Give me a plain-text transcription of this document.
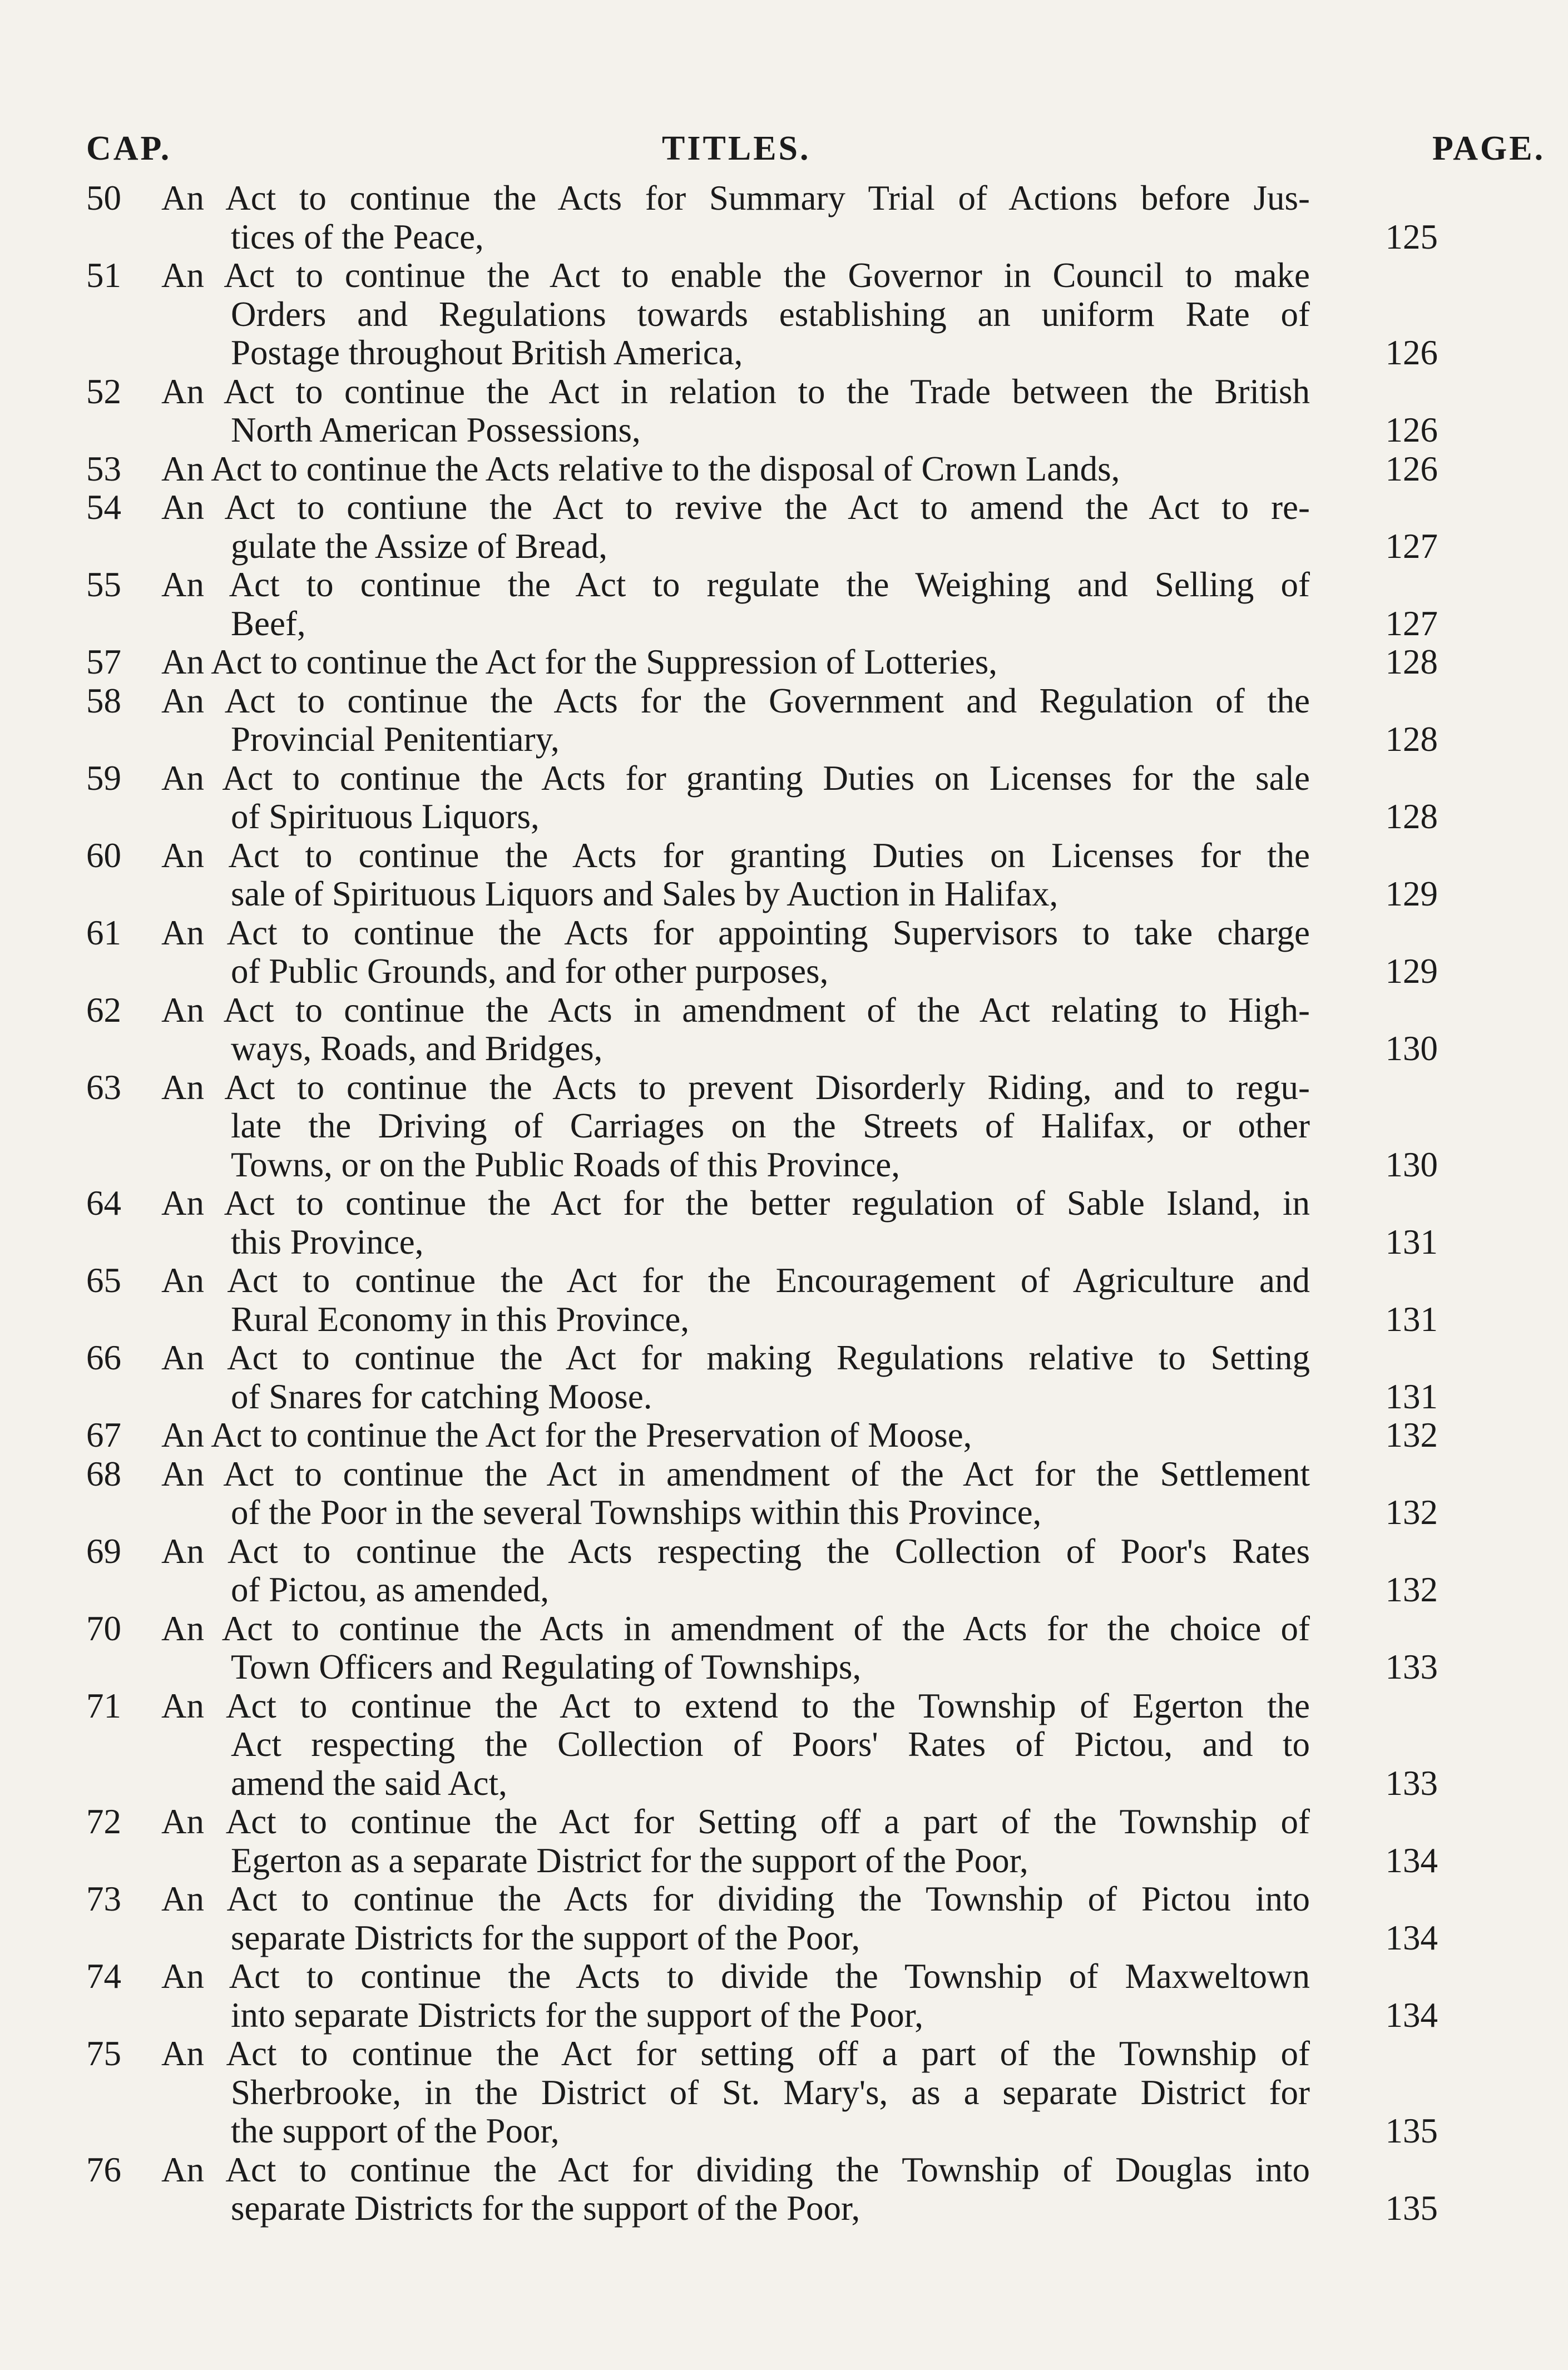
CAP.	TITLES.	PAGE.
50	An Act to continue the Acts for Summary Trial of Actions before Jus-
tices of the Peace,	125
51	An Act to continue the Act to enable the Governor in Council to make
Orders and Regulations towards establishing an uniform Rate of
Postage throughout British America,	126
52	An Act to continue the Act in relation to the Trade between the British
North American Possessions,	126
53	An Act to continue the Acts relative to the disposal of Crown Lands,	126
54	An Act to contiune the Act to revive the Act to amend the Act to re-
gulate the Assize of Bread,	127
55	An Act to continue the Act to regulate the Weighing and Selling of
Beef,	127
57	An Act to continue the Act for the Suppression of Lotteries,	128
58	An Act to continue the Acts for the Government and Regulation of the
Provincial Penitentiary,	128
59	An Act to continue the Acts for granting Duties on Licenses for the sale
of Spirituous Liquors,	128
60	An Act to continue the Acts for granting Duties on Licenses for the
sale of Spirituous Liquors and Sales by Auction in Halifax,	129
61	An Act to continue the Acts for appointing Supervisors to take charge
of Public Grounds, and for other purposes,	129
62	An Act to continue the Acts in amendment of the Act relating to High-
ways, Roads, and Bridges,	130
63	An Act to continue the Acts to prevent Disorderly Riding, and to regu-
late the Driving of Carriages on the Streets of Halifax, or other
Towns, or on the Public Roads of this Province,	130
64	An Act to continue the Act for the better regulation of Sable Island, in
this Province,	131
65	An Act to continue the Act for the Encouragement of Agriculture and
Rural Economy in this Province,	131
66	An Act to continue the Act for making Regulations relative to Setting
of Snares for catching Moose.	131
67	An Act to continue the Act for the Preservation of Moose,	132
68	An Act to continue the Act in amendment of the Act for the Settlement
of the Poor in the several Townships within this Province,	132
69	An Act to continue the Acts respecting the Collection of Poor's Rates
of Pictou, as amended,	132
70	An Act to continue the Acts in amendment of the Acts for the choice of
Town Officers and Regulating of Townships,	133
71	An Act to continue the Act to extend to the Township of Egerton the
Act respecting the Collection of Poors' Rates of Pictou, and to
amend the said Act,	133
72	An Act to continue the Act for Setting off a part of the Township of
Egerton as a separate District for the support of the Poor,	134
73	An Act to continue the Acts for dividing the Township of Pictou into
separate Districts for the support of the Poor,	134
74	An Act to continue the Acts to divide the Township of Maxweltown
into separate Districts for the support of the Poor,	134
75	An Act to continue the Act for setting off a part of the Township of
Sherbrooke, in the District of St. Mary's, as a separate District for
the support of the Poor,	135
76	An Act to continue the Act for dividing the Township of Douglas into
separate Districts for the support of the Poor,	135
